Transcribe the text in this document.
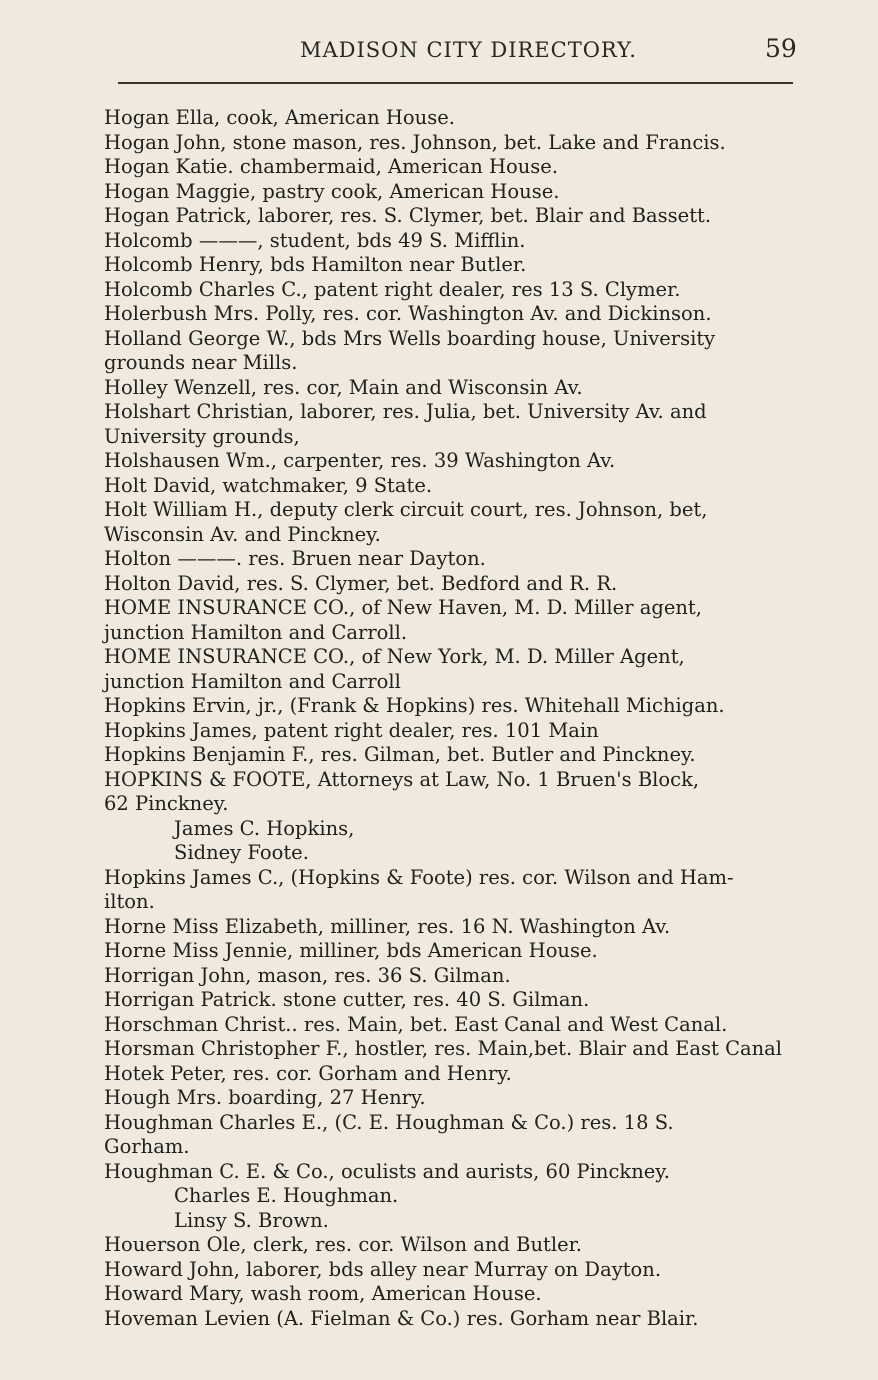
MADISON CITY DIRECTORY.	59
Hogan Ella, cook, American House.
Hogan John, stone mason, res. Johnson, bet. Lake and Francis.
Hogan Katie. chambermaid, American House.
Hogan Maggie, pastry cook, American House.
Hogan Patrick, laborer, res. S. Clymer, bet. Blair and Bassett.
Holcomb ———, student, bds 49 S. Mifflin.
Holcomb Henry, bds Hamilton near Butler.
Holcomb Charles C., patent right dealer, res 13 S. Clymer.
Holerbush Mrs. Polly, res. cor. Washington Av. and Dickinson.
Holland George W., bds Mrs Wells boarding house, University
grounds near Mills.
Holley Wenzell, res. cor, Main and Wisconsin Av.
Holshart Christian, laborer, res. Julia, bet. University Av. and
University grounds,
Holshausen Wm., carpenter, res. 39 Washington Av.
Holt David, watchmaker, 9 State.
Holt William H., deputy clerk circuit court, res. Johnson, bet,
Wisconsin Av. and Pinckney.
Holton ———. res. Bruen near Dayton.
Holton David, res. S. Clymer, bet. Bedford and R. R.
HOME INSURANCE CO., of New Haven, M. D. Miller agent,
junction Hamilton and Carroll.
HOME INSURANCE CO., of New York, M. D. Miller Agent,
junction Hamilton and Carroll
Hopkins Ervin, jr., (Frank & Hopkins) res. Whitehall Michigan.
Hopkins James, patent right dealer, res. 101 Main
Hopkins Benjamin F., res. Gilman, bet. Butler and Pinckney.
HOPKINS & FOOTE, Attorneys at Law, No. 1 Bruen's Block,
62 Pinckney.
James C. Hopkins,
Sidney Foote.
Hopkins James C., (Hopkins & Foote) res. cor. Wilson and Ham-
ilton.
Horne Miss Elizabeth, milliner, res. 16 N. Washington Av.
Horne Miss Jennie, milliner, bds American House.
Horrigan John, mason, res. 36 S. Gilman.
Horrigan Patrick. stone cutter, res. 40 S. Gilman.
Horschman Christ.. res. Main, bet. East Canal and West Canal.
Horsman Christopher F., hostler, res. Main,bet. Blair and East Canal
Hotek Peter, res. cor. Gorham and Henry.
Hough Mrs. boarding, 27 Henry.
Houghman Charles E., (C. E. Houghman & Co.) res. 18 S.
Gorham.
Houghman C. E. & Co., oculists and aurists, 60 Pinckney.
Charles E. Houghman.
Linsy S. Brown.
Houerson Ole, clerk, res. cor. Wilson and Butler.
Howard John, laborer, bds alley near Murray on Dayton.
Howard Mary, wash room, American House.
Hoveman Levien (A. Fielman & Co.) res. Gorham near Blair.
